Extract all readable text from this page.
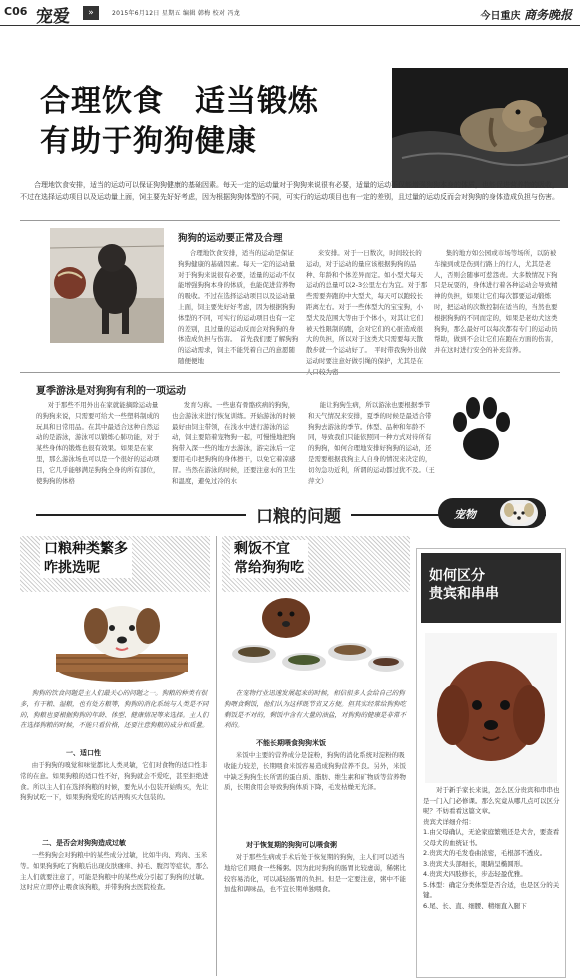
C06 宠爱	»	2015年6月12日 星期五 编辑 韩梅 校对 冯龙	今日重庆 商务晚报
合理饮食　适当锻炼
有助于狗狗健康
合理地饮食安排，适当的运动可以保证狗狗健康的基础因素。每天一定的运动量对于狗狗来说很有必要，适量的运动不仅能增强狗狗本身的体质，也能促进营养物的吸收，不过在选择运动项目以及运动量上面，饲主要先好好考虑，因为根据狗狗体型的不同，可实行的运动项目也有一定的差别，且过量的运动反而会对狗狗的身体造成负担与伤害。
狗狗的运动要正常及合理
合理地饮食安排，适当的运动是保证狗狗健康的基础因素。每天一定的运动量对于狗狗来说很有必要，适量的运动不仅能增强狗狗本身的体质，也能促进营养物的吸收。不过在选择运动项目以及运动量上面，饲主要先好好考虑，因为根据狗狗体型的不同，可实行的运动项目也有一定的差别，且过量的运动反而会对狗狗的身体造成负担与伤害。　首先我们要了解狗狗的运动需求，饲主不能凭着自己的意愿随随便便地
来安排。对于一日数次，时间较长的运动，对于运动的量应该根据狗狗的品种、年龄和个体差异而定。如小型犬每天运动的总量可以2-3公里左右为宜。对于那些需要奔跑的中大型犬，每天可以跑较长距离左右。对于一些体型大的宝宝狗，小型犬及范围大等由于个体小，对其让它们被天性限制的跑，会对它们的心脏造成很大的负担，所以对于这类犬只需要每天散散步就一个运动好了。　平时带我狗外出做运动时要注意好做引绳的保护，尤其是在
集的地方如公园或市场等场所，以防被车撞到或是伤到行路上的行人，尤其是老人，否则会随事可惹怨责。大多数情况下狗只是玩耍的，身体进行着各种运动会导致精神的负担，如果让它们每次都要运动锻炼时，把运动的次数控制在适当的，当然也要根据狗狗的不同而定的，如果是老幼犬这类狗狗，那么最好可以每次都有专门的运动员帮助，做到不会让它们在跑在方面的伤害，并在这时进行安全的补充营养。
夏季游泳是对狗狗有利的一项运动
对于那些不用外出在家就能摘除运动量的狗狗来说，只需要可给犬一些塑料制成的玩具和日常用品。在其中最适合这种自然运动的是游泳，游泳可以锻炼心肺功能，对于某些身体的锻炼也很有效果。如果是在家里，那么游泳场也可以是一个很好的运动项目，它几乎能够满足狗狗全身的所有部位，使狗狗的体格
发育匀称。一些患有骨骼疾病的狗狗，也会游泳来进行恢复训练。开始游泳的时候最好由饲主带领，在浅水中进行游泳的运动，饲主要陪着宠物狗一起，可慢慢地把狗狗带入深一些的地方去游泳，游完泳后一定要用毛巾把狗狗的身体擦干，以免它着凉感冒。当然在游泳的时候，还要注意水的卫生和温度，避免过冷的水
能让狗狗生病，所以游泳也要根据季节和天气情况来安排，夏季的时候是最适合带狗狗去游泳的季节。体型、品种和年龄不同，导致我们只能依照同一种方式对待所有的狗狗，如何合理地安排好狗狗的运动，还是需要根据我狗主人自身的情况来决定的，切勿急功近利，所谓的运动都过犹不及。（王萍文）
口粮的问题	宠物
口粮种类繁多
咋挑选呢
狗狗的饮食问题是主人们最关心的问题之一。狗粮的种类有很多，有干粮、湿粮，也有处方粮等，狗狗的消化系统与人类是不同的，狗粮也要根据狗狗的年龄、体型、健康情况等来选择。主人们在选择狗粮的时候，不能只看价格，还要注意狗粮的成分和质量。
一、适口性
由于狗狗的嗅觉和味觉都比人类灵敏，它们对食物的适口性非常的在意。如果狗粮的适口性不好，狗狗就会不爱吃，甚至拒绝进食。所以主人们在选择狗粮的时候，要先从小包装开始购买，先让狗狗试吃一下，如果狗狗爱吃的话再购买大包装的。
二、是否会对狗狗造成过敏
一些狗狗会对狗粮中的某些成分过敏，比如牛肉、鸡肉、玉米等。如果狗狗吃了狗粮后出现皮肤瘙痒、掉毛、腹泻等症状，那么主人们就要注意了，可能是狗粮中的某些成分引起了狗狗的过敏。这时应立即停止喂食该狗粮，并带狗狗去医院检查。
剩饭不宜
常给狗狗吃
在宠物行业迅速发展起来的时候，相信很多人会给自己的狗狗喂食剩饭，他们认为这样既节省又方便。但其实经常给狗狗吃剩饭是不对的，剩饭中含有大量的油盐，对狗狗的健康是非常不利的。
不能长期喂食狗狗米饭
米饭中主要的营养成分是淀粉，狗狗的消化系统对淀粉的吸收能力较差，长期喂食米饭容易造成狗狗营养不良。另外，米饭中缺乏狗狗生长所需的蛋白质、脂肪、维生素和矿物质等营养物质，长期食用会导致狗狗体质下降，毛发枯燥无光泽。
对于恢复期的狗狗可以喂食粥
对于那些生病或手术后处于恢复期的狗狗，主人们可以适当地给它们喂食一些稀粥。因为此时狗狗的肠胃比较虚弱，稀粥比较容易消化，可以减轻肠胃的负担。但是一定要注意，粥中不能加盐和调味品，也不宜长期单独喂食。
如何区分
贵宾和串串
对于新手家长来说，怎么区分贵宾和串串也是一门入门必修课。那么究竟从哪几点可以区分呢？不妨看看这篇文章。
贵宾犬详细介绍：
1.由父母确认，无论家庭繁殖还是犬舍，要查看父母犬的血统证书。
2.贵宾犬的毛发卷曲浓密，毛根部不透皮。
3.贵宾犬头部细长，眼睛呈椭圆形。
4.贵宾犬四肢修长，步态轻盈优雅。
5.体型：确定分类体型是否合适，也是区分的关键。
6.尾、长、直、细腰、精细直入腿下
